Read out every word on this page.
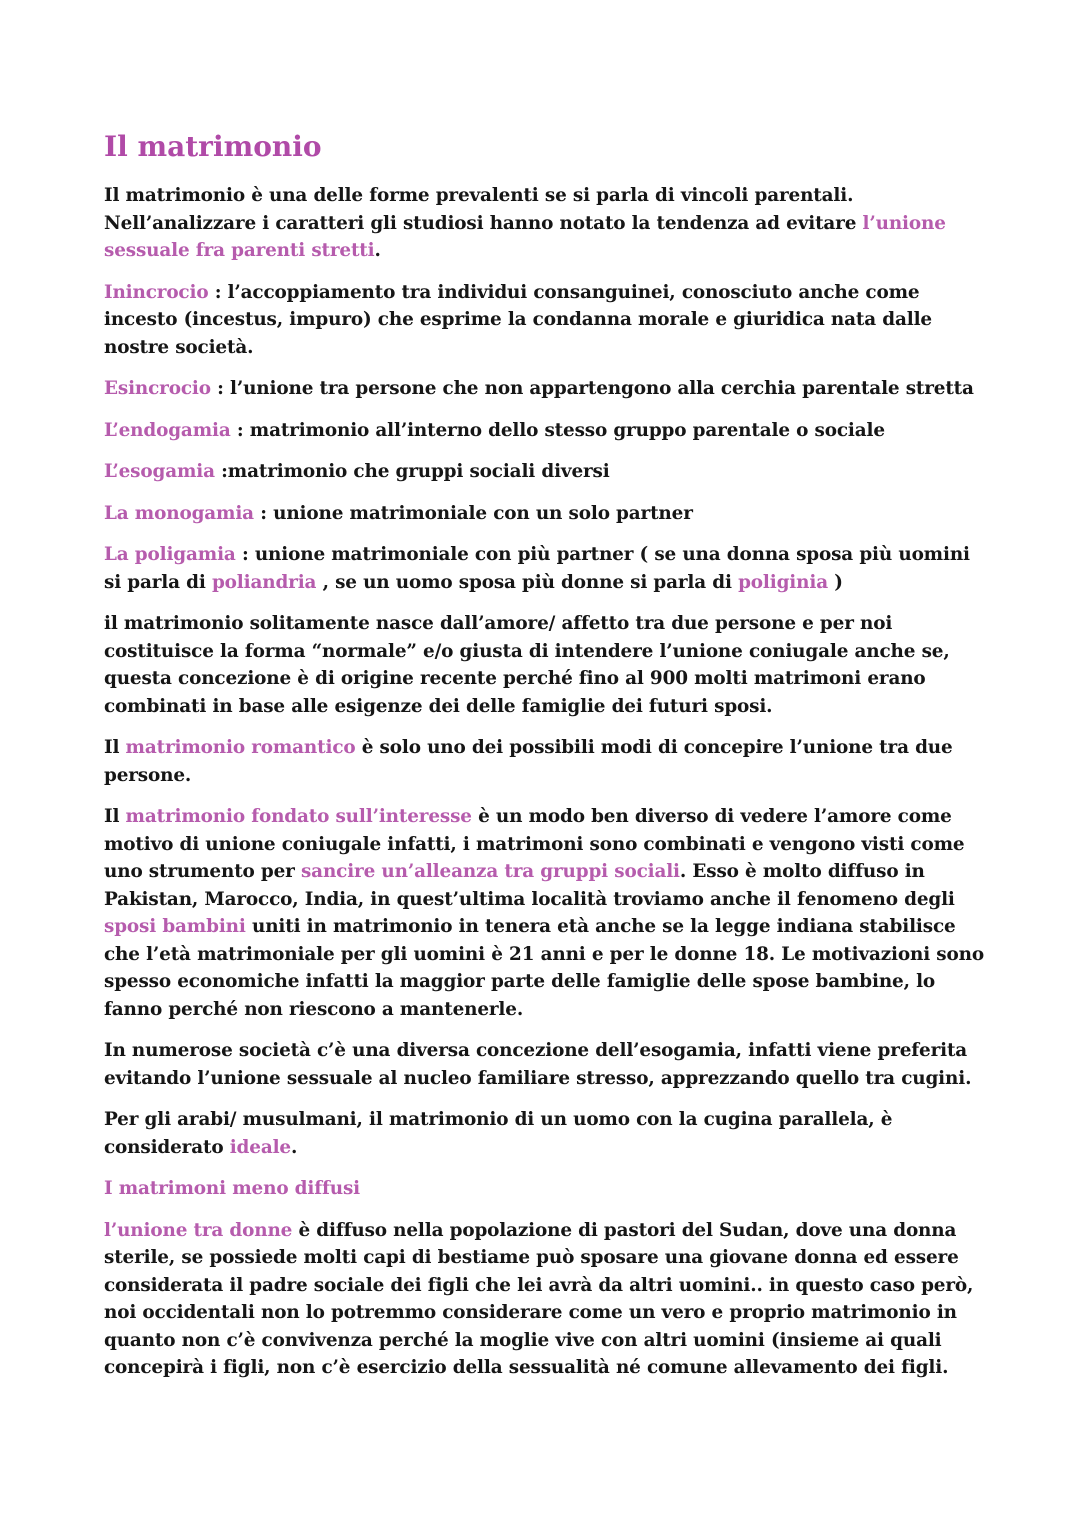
Il matrimonio

Il matrimonio è una delle forme prevalenti se si parla di vincoli parentali.
Nell’analizzare i caratteri gli studiosi hanno notato la tendenza ad evitare l’unione sessuale fra parenti stretti.

Inincrocio : l’accoppiamento tra individui consanguinei, conosciuto anche come incesto (incestus, impuro) che esprime la condanna morale e giuridica nata dalle nostre società.

Esincrocio : l’unione tra persone che non appartengono alla cerchia parentale stretta

L’endogamia : matrimonio all’interno dello stesso gruppo parentale o sociale

L’esogamia :matrimonio che gruppi sociali diversi

La monogamia : unione matrimoniale con un solo partner

La poligamia : unione matrimoniale con più partner ( se una donna sposa più uomini si parla di poliandria , se un uomo sposa più donne si parla di poliginia )

il matrimonio solitamente nasce dall’amore/ affetto tra due persone e per noi costituisce la forma “normale” e/o giusta di intendere l’unione coniugale anche se, questa concezione è di origine recente perché fino al 900 molti matrimoni erano combinati in base alle esigenze dei delle famiglie dei futuri sposi.

Il matrimonio romantico è solo uno dei possibili modi di concepire l’unione tra due persone.

Il matrimonio fondato sull’interesse è un modo ben diverso di vedere l’amore come motivo di unione coniugale infatti, i matrimoni sono combinati e vengono visti come uno strumento per sancire un’alleanza tra gruppi sociali. Esso è molto diffuso in Pakistan, Marocco, India, in quest’ultima località troviamo anche il fenomeno degli sposi bambini uniti in matrimonio in tenera età anche se la legge indiana stabilisce che l’età matrimoniale per gli uomini è 21 anni e per le donne 18. Le motivazioni sono spesso economiche infatti la maggior parte delle famiglie delle spose bambine, lo fanno perché non riescono a mantenerle.

In numerose società c’è una diversa concezione dell’esogamia, infatti viene preferita evitando l’unione sessuale al nucleo familiare stresso, apprezzando quello tra cugini.

Per gli arabi/ musulmani, il matrimonio di un uomo con la cugina parallela, è considerato ideale.

I matrimoni meno diffusi

l’unione tra donne è diffuso nella popolazione di pastori del Sudan, dove una donna sterile, se possiede molti capi di bestiame può sposare una giovane donna ed essere considerata il padre sociale dei figli che lei avrà da altri uomini.. in questo caso però, noi occidentali non lo potremmo considerare come un vero e proprio matrimonio in quanto non c’è convivenza perché la moglie vive con altri uomini (insieme ai quali concepirà i figli, non c’è esercizio della sessualità né comune allevamento dei figli.
